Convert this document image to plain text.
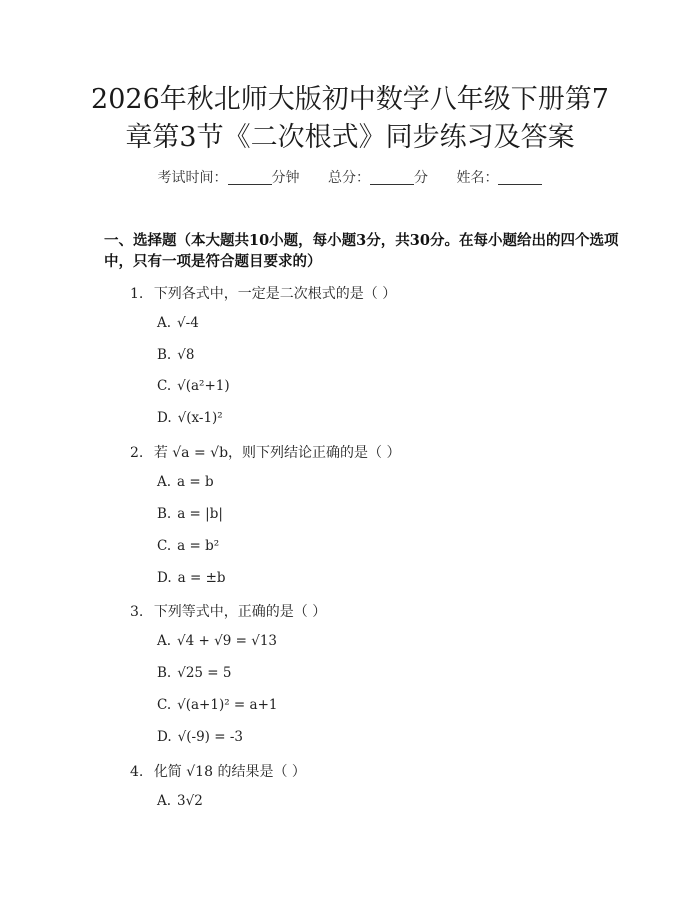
2026年秋北师大版初中数学八年级下册第7
章第3节《二次根式》同步练习及答案
考试时间：	分钟 总分：	分 姓名：
一、选择题（本大题共10小题，每小题3分，共30分。在每小题给出的四个选项中，只有一项是符合题目要求的）
1. 下列各式中，一定是二次根式的是（ ）
A. √-4
B. √8
C. √(a²+1)
D. √(x-1)²
2. 若 √a = √b，则下列结论正确的是（ ）
A. a = b
B. a = |b|
C. a = b²
D. a = ±b
3. 下列等式中，正确的是（ ）
A. √4 + √9 = √13
B. √25 = 5
C. √(a+1)² = a+1
D. √(-9) = -3
4. 化简 √18 的结果是（ ）
A. 3√2
